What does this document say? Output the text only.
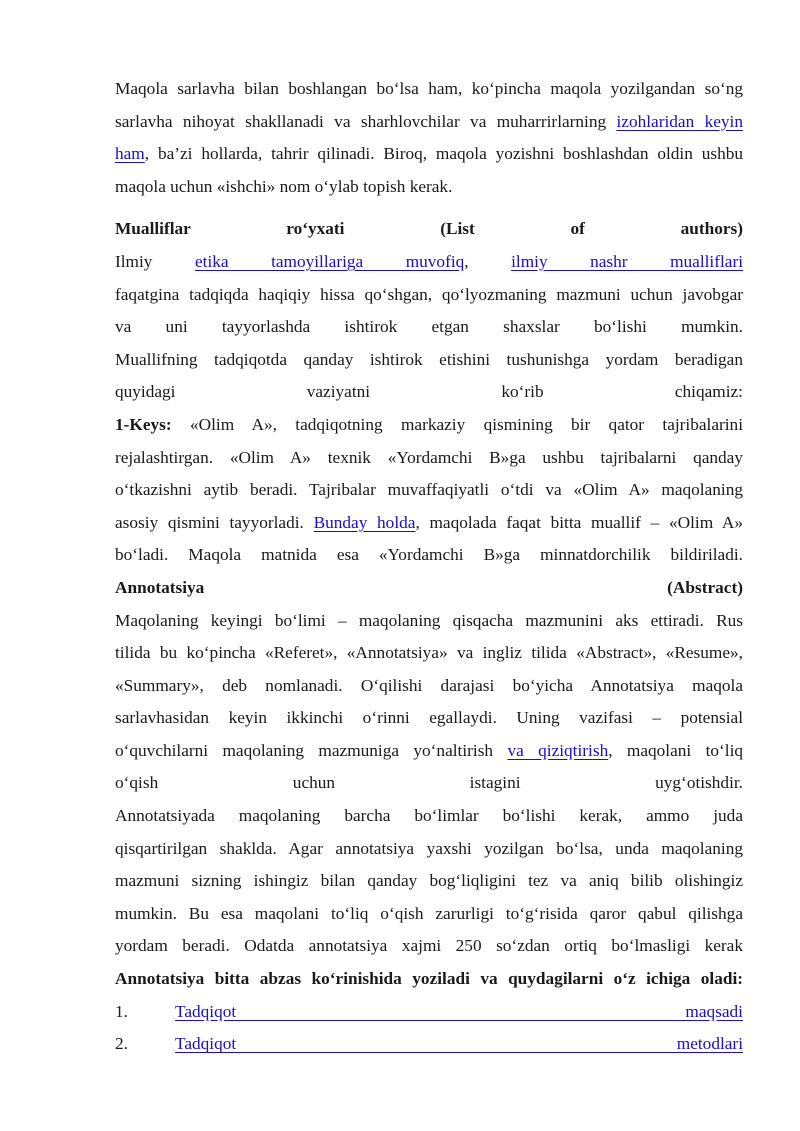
Maqola sarlavha bilan boshlangan bo‘lsa ham, ko‘pincha maqola yozilgandan so‘ng
sarlavha nihoyat shakllanadi va sharhlovchilar va muharrirlarning izohlaridan keyin
ham, ba’zi hollarda, tahrir qilinadi. Biroq, maqola yozishni boshlashdan oldin ushbu
maqola uchun «ishchi» nom o‘ylab topish kerak.
Mualliflar ro‘yxati (List of authors)
Ilmiy etika tamoyillariga muvofiq, ilmiy nashr mualliflari
faqatgina tadqiqda haqiqiy hissa qo‘shgan, qo‘lyozmaning mazmuni uchun javobgar
va uni tayyorlashda ishtirok etgan shaxslar bo‘lishi mumkin.
Muallifning tadqiqotda qanday ishtirok etishini tushunishga yordam beradigan
quyidagi vaziyatni ko‘rib chiqamiz:
1-Keys: «Olim A», tadqiqotning markaziy qismining bir qator tajribalarini
rejalashtirgan. «Olim A» texnik «Yordamchi B»ga ushbu tajribalarni qanday
o‘tkazishni aytib beradi. Tajribalar muvaffaqiyatli o‘tdi va «Olim A» maqolaning
asosiy qismini tayyorladi. Bunday holda, maqolada faqat bitta muallif – «Olim A»
bo‘ladi. Maqola matnida esa «Yordamchi B»ga minnatdorchilik bildiriladi.
Annotatsiya	(Abstract)
Maqolaning keyingi bo‘limi – maqolaning qisqacha mazmunini aks ettiradi. Rus
tilida bu ko‘pincha «Referet», «Annotatsiya» va ingliz tilida «Abstract», «Resume»,
«Summary», deb nomlanadi. O‘qilishi darajasi bo‘yicha Annotatsiya maqola
sarlavhasidan keyin ikkinchi o‘rinni egallaydi. Uning vazifasi – potensial
o‘quvchilarni maqolaning mazmuniga yo‘naltirish va qiziqtirish, maqolani to‘liq
o‘qish uchun istagini uyg‘otishdir.
Annotatsiyada maqolaning barcha bo‘limlar bo‘lishi kerak, ammo juda
qisqartirilgan shaklda. Agar annotatsiya yaxshi yozilgan bo‘lsa, unda maqolaning
mazmuni sizning ishingiz bilan qanday bog‘liqligini tez va aniq bilib olishingiz
mumkin. Bu esa maqolani to‘liq o‘qish zarurligi to‘g‘risida qaror qabul qilishga
yordam beradi. Odatda annotatsiya xajmi 250 so‘zdan ortiq bo‘lmasligi kerak
Annotatsiya bitta abzas ko‘rinishida yoziladi va quydagilarni o‘z ichiga oladi:
1.	Tadqiqot maqsadi
2.	Tadqiqot metodlari
